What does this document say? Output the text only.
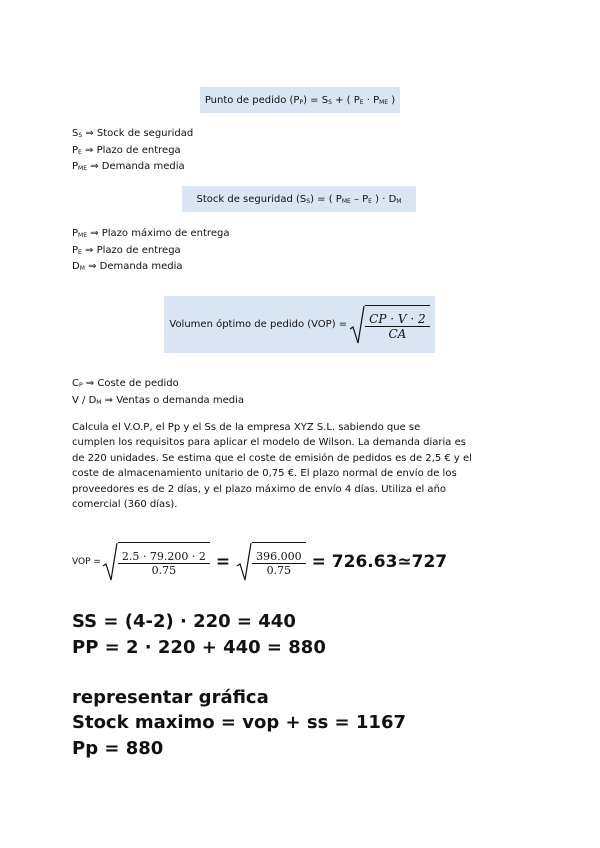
Punto de pedido $(P_P) = S_S$ + ( $P_E \cdot P_{ME}$ )
$S_S$ ⇒ Stock de seguridad
$P_E$ ⇒ Plazo de entrega
$P_{ME}$ ⇒ Demanda media
Stock de seguridad $(S_S)$ = ( $P_{ME} - P_E$ ) · $D_M$
$P_{ME}$ ⇒ Plazo máximo de entrega
$P_E$ ⇒ Plazo de entrega
$D_M$ ⇒ Demanda media
Volumen óptimo de pedido $(VOP) = \frac{CP \cdot V \cdot 2}{CA}$
$C_P$ ⇒ Coste de pedido
V / $D_M$ ⇒ Ventas o demanda media
Calcula el V.O.P, el Pp y el Ss de la empresa XYZ S.L. sabiendo que se
cumplen los requisitos para aplicar el modelo de Wilson. La demanda diaria es
de 220 unidades. Se estima que el coste de emisión de pedidos es de 2,5 € y el
coste de almacenamiento unitario de 0,75 €. El plazo normal de envío de los
proveedores es de 2 días, y el plazo máximo de envío 4 días. Utiliza el año
comercial (360 días).
VOP = $\frac{2.5 \cdot 79.200 \cdot 2}{0.75} = \frac{396.000}{0.75}$ = 726.63≃727
SS = (4-2) · 220 = 440
PP = 2 · 220 + 440 = 880
representar gráfica
Stock maximo = vop + ss = 1167
Pp = 880
